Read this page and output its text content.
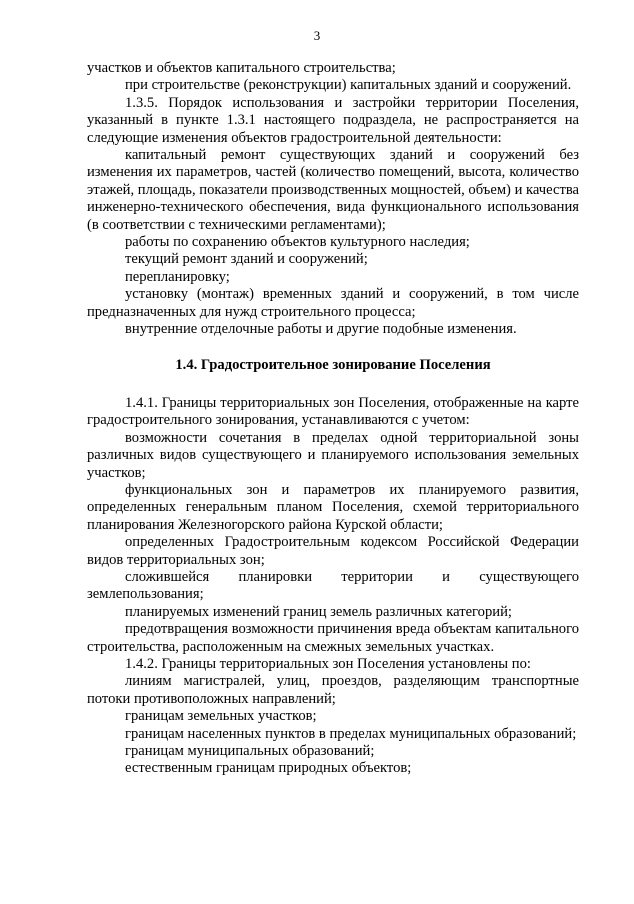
3

участков и объектов капитального строительства;

при строительстве (реконструкции) капитальных зданий и сооружений.

1.3.5. Порядок использования и застройки территории Поселения, указанный в пункте 1.3.1 настоящего подраздела, не распространяется на следующие изменения объектов градостроительной деятельности:

капитальный ремонт существующих зданий и сооружений без изменения их параметров, частей (количество помещений, высота, количество этажей, площадь, показатели производственных мощностей, объем) и качества инженерно-технического обеспечения, вида функционального использования (в соответствии с техническими регламентами);

работы по сохранению объектов культурного наследия;

текущий ремонт зданий и сооружений;

перепланировку;

установку (монтаж) временных зданий и сооружений, в том числе предназначенных для нужд строительного процесса;

внутренние отделочные работы и другие подобные изменения.

1.4. Градостроительное зонирование Поселения

1.4.1. Границы территориальных зон Поселения, отображенные на карте градостроительного зонирования, устанавливаются с учетом:

возможности сочетания в пределах одной территориальной зоны различных видов существующего и планируемого использования земельных участков;

функциональных зон и параметров их планируемого развития, определенных генеральным планом Поселения, схемой территориального планирования Железногорского района Курской области;

определенных Градостроительным кодексом Российской Федерации видов территориальных зон;

сложившейся планировки территории и существующего землепользования;

планируемых изменений границ земель различных категорий;

предотвращения возможности причинения вреда объектам капитального строительства, расположенным на смежных земельных участках.

1.4.2. Границы территориальных зон Поселения установлены по:

линиям магистралей, улиц, проездов, разделяющим транспортные потоки противоположных направлений;

границам земельных участков;

границам населенных пунктов в пределах муниципальных образований;

границам муниципальных образований;

естественным границам природных объектов;
